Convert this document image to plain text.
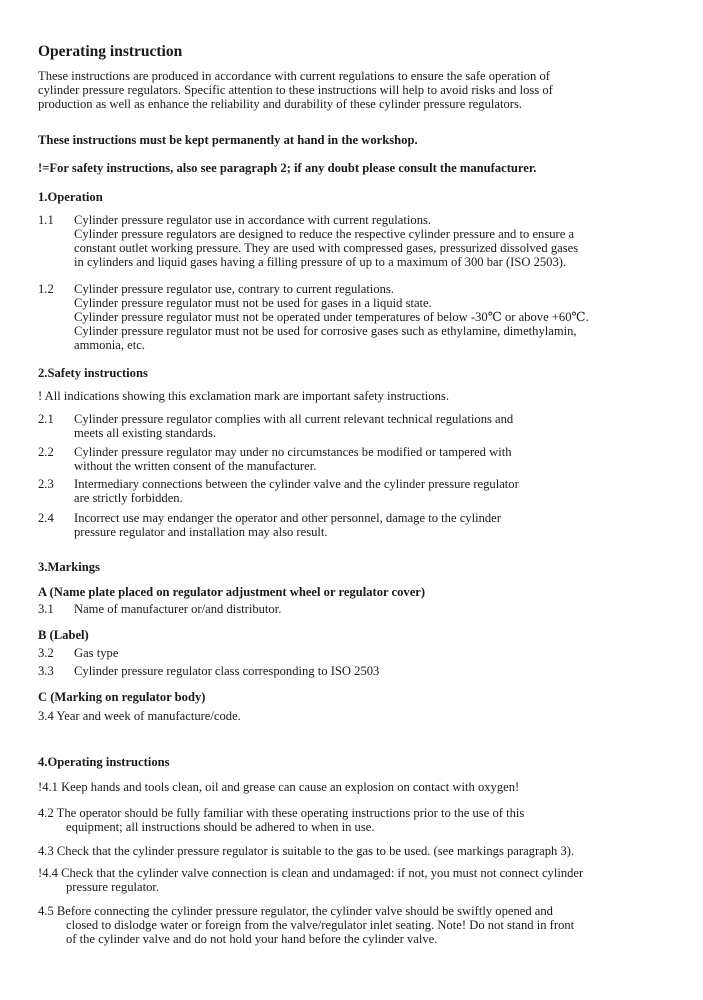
Operating instruction
These instructions are produced in accordance with current regulations to ensure the safe operation of
cylinder pressure regulators. Specific attention to these instructions will help to avoid risks and loss of
production as well as enhance the reliability and durability of these cylinder pressure regulators.
These instructions must be kept permanently at hand in the workshop.
!=For safety instructions, also see paragraph 2; if any doubt please consult the manufacturer.
1.Operation
1.1 Cylinder pressure regulator use in accordance with current regulations.
Cylinder pressure regulators are designed to reduce the respective cylinder pressure and to ensure a
constant outlet working pressure. They are used with compressed gases, pressurized dissolved gases
in cylinders and liquid gases having a filling pressure of up to a maximum of 300 bar (ISO 2503).
1.2 Cylinder pressure regulator use, contrary to current regulations.
Cylinder pressure regulator must not be used for gases in a liquid state.
Cylinder pressure regulator must not be operated under temperatures of below -30℃ or above +60℃.
Cylinder pressure regulator must not be used for corrosive gases such as ethylamine, dimethylamin,
ammonia, etc.
2.Safety instructions
! All indications showing this exclamation mark are important safety instructions.
2.1 Cylinder pressure regulator complies with all current relevant technical regulations and
meets all existing standards.
2.2 Cylinder pressure regulator may under no circumstances be modified or tampered with
without the written consent of the manufacturer.
2.3 Intermediary connections between the cylinder valve and the cylinder pressure regulator
are strictly forbidden.
2.4 Incorrect use may endanger the operator and other personnel, damage to the cylinder
pressure regulator and installation may also result.
3.Markings
A (Name plate placed on regulator adjustment wheel or regulator cover)
3.1 Name of manufacturer or/and distributor.
B (Label)
3.2 Gas type
3.3 Cylinder pressure regulator class corresponding to ISO 2503
C (Marking on regulator body)
3.4 Year and week of manufacture/code.
4.Operating instructions
!4.1 Keep hands and tools clean, oil and grease can cause an explosion on contact with oxygen!
4.2 The operator should be fully familiar with these operating instructions prior to the use of this
equipment; all instructions should be adhered to when in use.
4.3 Check that the cylinder pressure regulator is suitable to the gas to be used. (see markings paragraph 3).
!4.4 Check that the cylinder valve connection is clean and undamaged: if not, you must not connect cylinder
pressure regulator.
4.5 Before connecting the cylinder pressure regulator, the cylinder valve should be swiftly opened and
closed to dislodge water or foreign from the valve/regulator inlet seating. Note! Do not stand in front
of the cylinder valve and do not hold your hand before the cylinder valve.
